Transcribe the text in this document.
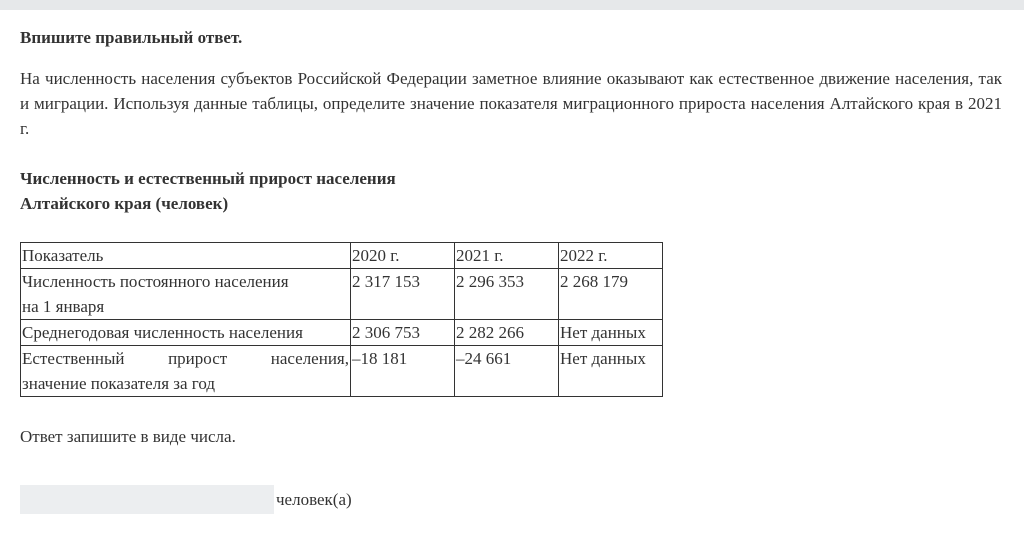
Впишите правильный ответ.

На численность населения субъектов Российской Федерации заметное влияние оказывают как естественное движение населения, так и миграции. Используя данные таблицы, определите значение показателя миграционного прироста населения Алтайского края в 2021 г.

Численность и естественный прирост населения
Алтайского края (человек)
Показатель	2020 г.	2021 г.	2022 г.

Численность постоянного населения
на 1 января	2 317 153	2 296 353	2 268 179

Среднегодовая численность населения	2 306 753	2 282 266	Нет данных

Естественный прирост населения,
значение показателя за год	–18 181	–24 661	Нет данных

Ответ запишите в виде числа.

человек(а)
